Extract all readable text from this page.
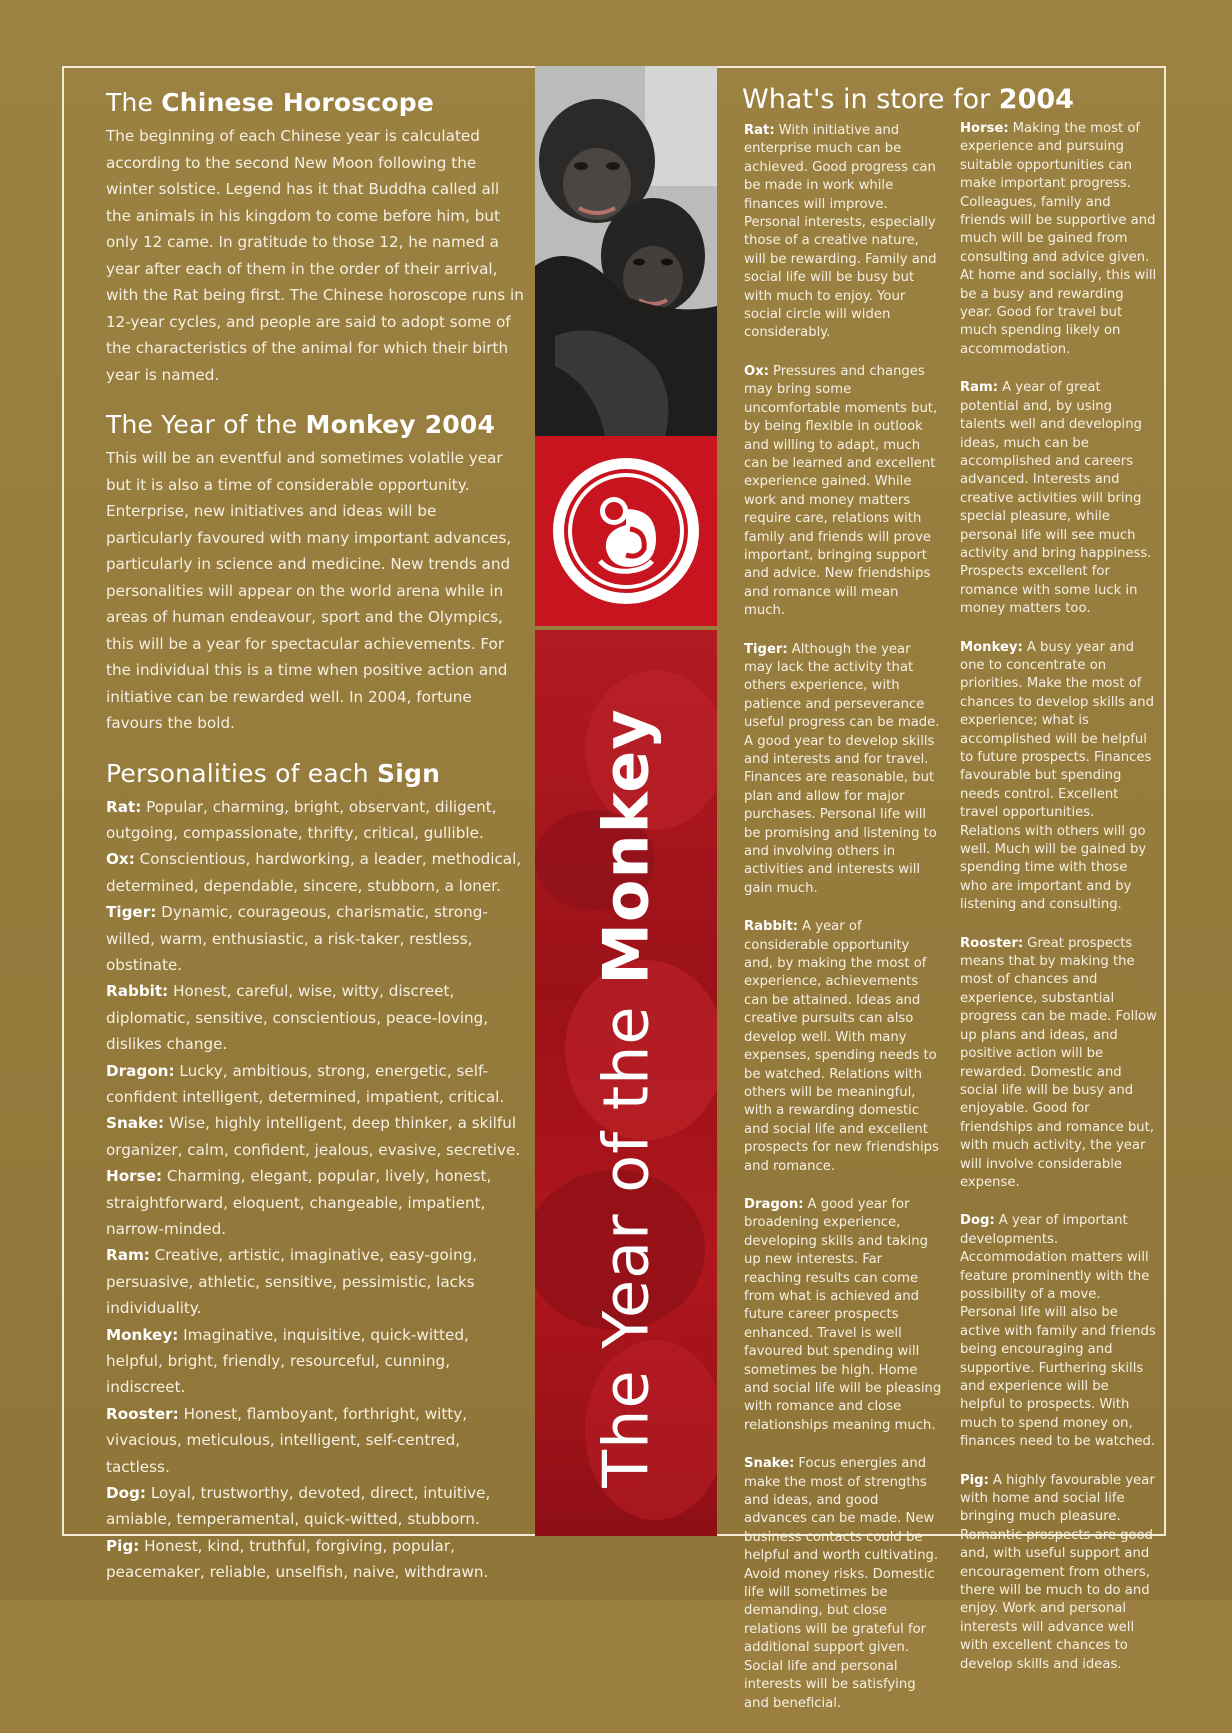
The Chinese Horoscope

The beginning of each Chinese year is calculated according to the second New Moon following the winter solstice. Legend has it that Buddha called all the animals in his kingdom to come before him, but only 12 came. In gratitude to those 12, he named a year after each of them in the order of their arrival, with the Rat being first. The Chinese horoscope runs in 12-year cycles, and people are said to adopt some of the characteristics of the animal for which their birth year is named.

The Year of the Monkey 2004

This will be an eventful and sometimes volatile year but it is also a time of considerable opportunity. Enterprise, new initiatives and ideas will be particularly favoured with many important advances, particularly in science and medicine. New trends and personalities will appear on the world arena while in areas of human endeavour, sport and the Olympics, this will be a year for spectacular achievements. For the individual this is a time when positive action and initiative can be rewarded well. In 2004, fortune favours the bold.

Personalities of each Sign

Rat: Popular, charming, bright, observant, diligent, outgoing, compassionate, thrifty, critical, gullible.

Ox: Conscientious, hardworking, a leader, methodical, determined, dependable, sincere, stubborn, a loner.

Tiger: Dynamic, courageous, charismatic, strong-willed, warm, enthusiastic, a risk-taker, restless, obstinate.

Rabbit: Honest, careful, wise, witty, discreet, diplomatic, sensitive, conscientious, peace-loving, dislikes change.

Dragon: Lucky, ambitious, strong, energetic, self-confident intelligent, determined, impatient, critical.

Snake: Wise, highly intelligent, deep thinker, a skilful organizer, calm, confident, jealous, evasive, secretive.

Horse: Charming, elegant, popular, lively, honest, straightforward, eloquent, changeable, impatient, narrow-minded.

Ram: Creative, artistic, imaginative, easy-going, persuasive, athletic, sensitive, pessimistic, lacks individuality.

Monkey: Imaginative, inquisitive, quick-witted, helpful, bright, friendly, resourceful, cunning, indiscreet.

Rooster: Honest, flamboyant, forthright, witty, vivacious, meticulous, intelligent, self-centred, tactless.

Dog: Loyal, trustworthy, devoted, direct, intuitive, amiable, temperamental, quick-witted, stubborn.

Pig: Honest, kind, truthful, forgiving, popular, peacemaker, reliable, unselfish, naive, withdrawn.

The Year of the Monkey
What's in store for 2004

Rat: With initiative and enterprise much can be achieved. Good progress can be made in work while finances will improve. Personal interests, especially those of a creative nature, will be rewarding. Family and social life will be busy but with much to enjoy. Your social circle will widen considerably.

Ox: Pressures and changes may bring some uncomfortable moments but, by being flexible in outlook and willing to adapt, much can be learned and excellent experience gained. While work and money matters require care, relations with family and friends will prove important, bringing support and advice. New friendships and romance will mean much.

Tiger: Although the year may lack the activity that others experience, with patience and perseverance useful progress can be made. A good year to develop skills and interests and for travel. Finances are reasonable, but plan and allow for major purchases. Personal life will be promising and listening to and involving others in activities and interests will gain much.

Rabbit: A year of considerable opportunity and, by making the most of experience, achievements can be attained. Ideas and creative pursuits can also develop well. With many expenses, spending needs to be watched. Relations with others will be meaningful, with a rewarding domestic and social life and excellent prospects for new friendships and romance.

Dragon: A good year for broadening experience, developing skills and taking up new interests. Far reaching results can come from what is achieved and future career prospects enhanced. Travel is well favoured but spending will sometimes be high. Home and social life will be pleasing with romance and close relationships meaning much.

Snake: Focus energies and make the most of strengths and ideas, and good advances can be made. New business contacts could be helpful and worth cultivating. Avoid money risks. Domestic life will sometimes be demanding, but close relations will be grateful for additional support given. Social life and personal interests will be satisfying and beneficial.

Horse: Making the most of experience and pursuing suitable opportunities can make important progress. Colleagues, family and friends will be supportive and much will be gained from consulting and advice given. At home and socially, this will be a busy and rewarding year. Good for travel but much spending likely on accommodation.

Ram: A year of great potential and, by using talents well and developing ideas, much can be accomplished and careers advanced. Interests and creative activities will bring special pleasure, while personal life will see much activity and bring happiness. Prospects excellent for romance with some luck in money matters too.

Monkey: A busy year and one to concentrate on priorities. Make the most of chances to develop skills and experience; what is accomplished will be helpful to future prospects. Finances favourable but spending needs control. Excellent travel opportunities. Relations with others will go well. Much will be gained by spending time with those who are important and by listening and consulting.

Rooster: Great prospects means that by making the most of chances and experience, substantial progress can be made. Follow up plans and ideas, and positive action will be rewarded. Domestic and social life will be busy and enjoyable. Good for friendships and romance but, with much activity, the year will involve considerable expense.

Dog: A year of important developments. Accommodation matters will feature prominently with the possibility of a move. Personal life will also be active with family and friends being encouraging and supportive. Furthering skills and experience will be helpful to prospects. With much to spend money on, finances need to be watched.

Pig: A highly favourable year with home and social life bringing much pleasure. Romantic prospects are good and, with useful support and encouragement from others, there will be much to do and enjoy. Work and personal interests will advance well with excellent chances to develop skills and ideas.
